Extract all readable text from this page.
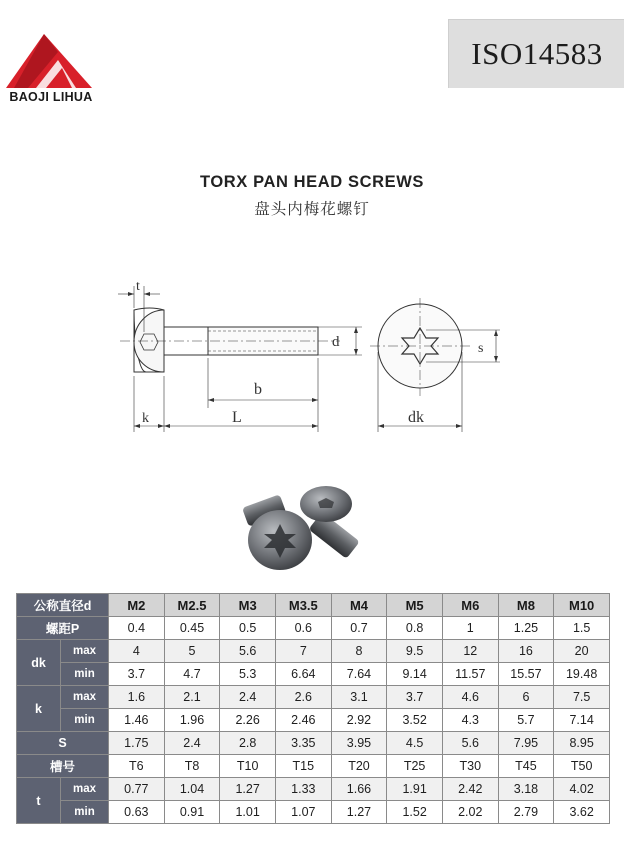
BAOJI LIHUA
ISO14583
TORX PAN HEAD SCREWS
盘头内梅花螺钉
t
d
b
k	L
s
dk
公称直径d		M2	M2.5	M3	M3.5	M4	M5	M6	M8	M10
螺距P		0.4	0.45	0.5	0.6	0.7	0.8	1	1.25	1.5
dk	max	4	5	5.6	7	8	9.5	12	16	20
	min	3.7	4.7	5.3	6.64	7.64	9.14	11.57	15.57	19.48
k	max	1.6	2.1	2.4	2.6	3.1	3.7	4.6	6	7.5
	min	1.46	1.96	2.26	2.46	2.92	3.52	4.3	5.7	7.14
S		1.75	2.4	2.8	3.35	3.95	4.5	5.6	7.95	8.95
槽号		T6	T8	T10	T15	T20	T25	T30	T45	T50
t	max	0.77	1.04	1.27	1.33	1.66	1.91	2.42	3.18	4.02
	min	0.63	0.91	1.01	1.07	1.27	1.52	2.02	2.79	3.62
